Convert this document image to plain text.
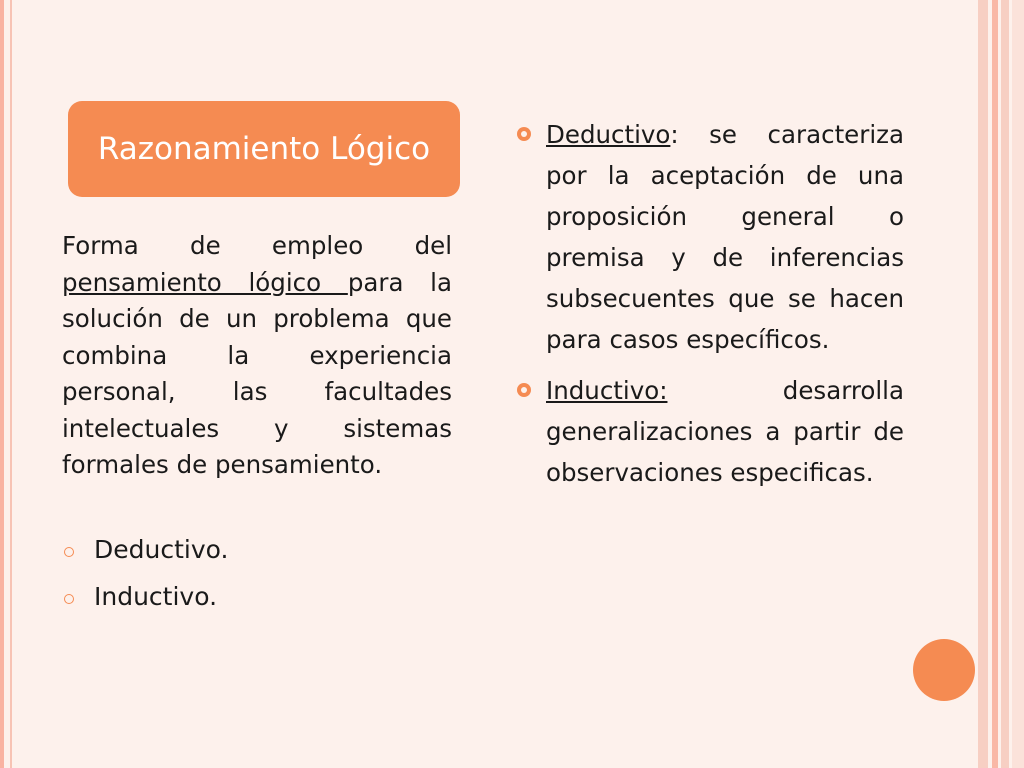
Razonamiento Lógico
Forma de empleo del pensamiento lógico para la solución de un problema que combina la experiencia personal, las facultades intelectuales y sistemas formales de pensamiento.
Deductivo.
Inductivo.
Deductivo: se caracteriza por la aceptación de una proposición general o premisa y de inferencias subsecuentes que se hacen para casos específicos.
Inductivo: desarrolla generalizaciones a partir de observaciones especificas.
